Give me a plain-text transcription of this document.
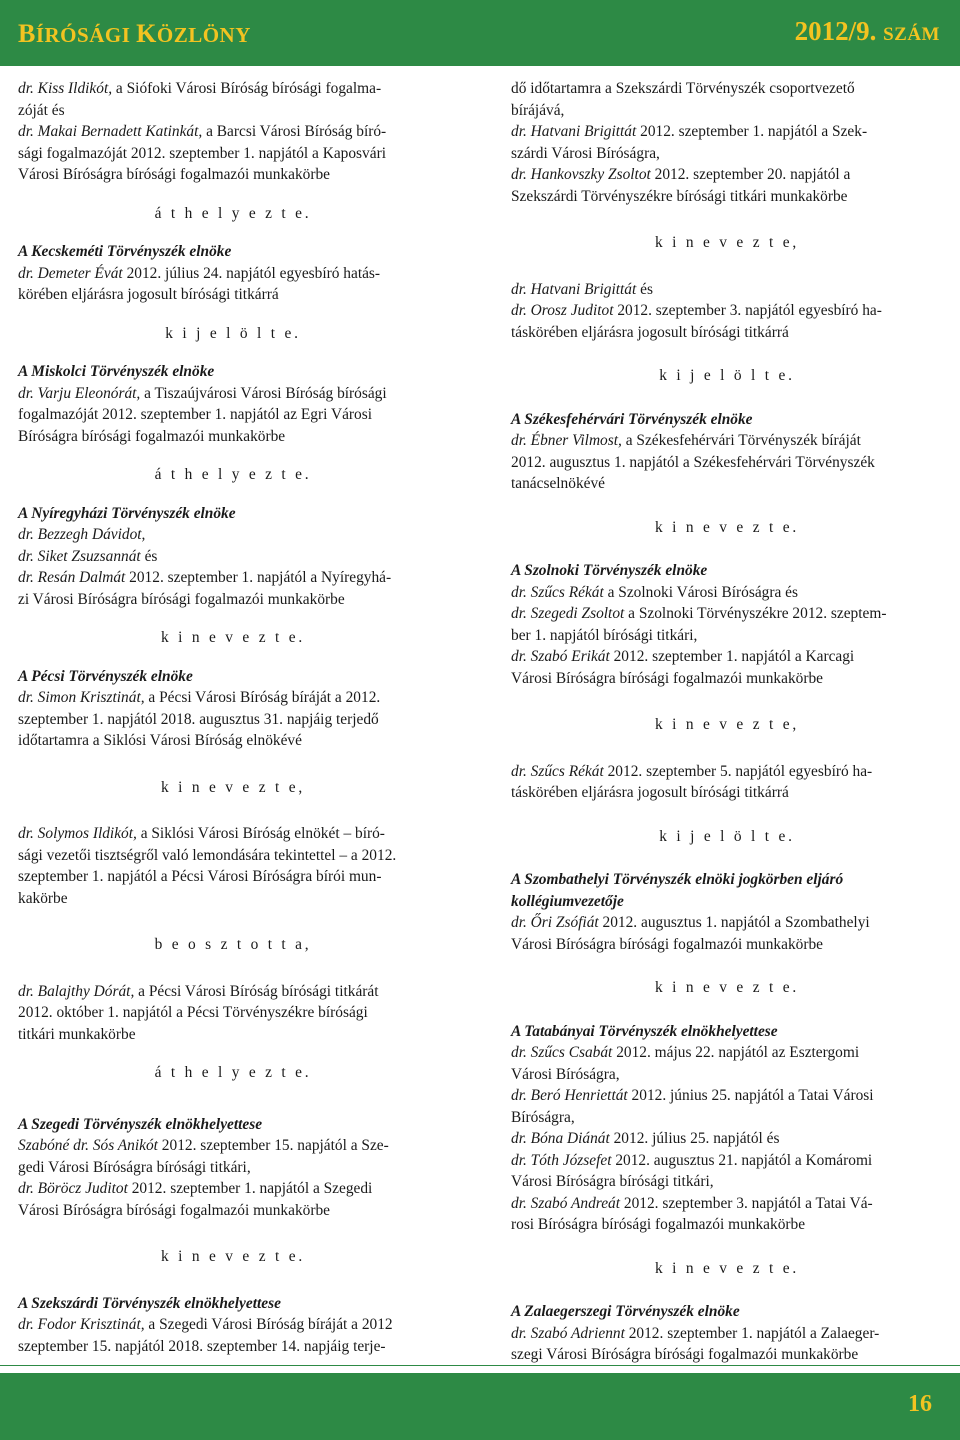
BÍRÓSÁGI KÖZLÖNY	2012/9. SZÁM

dr. Kiss Ildikót, a Siófoki Városi Bíróság bírósági fogalma-
zóját és
dr. Makai Bernadett Katinkát, a Barcsi Városi Bíróság bíró-
sági fogalmazóját 2012. szeptember 1. napjától a Kaposvári
Városi Bíróságra bírósági fogalmazói munkakörbe

á t h e l y e z t e.
A Kecskeméti Törvényszék elnöke

dr. Demeter Évát 2012. július 24. napjától egyesbíró hatás-
körében eljárásra jogosult bírósági titkárrá

k i j e l ö l t e.
A Miskolci Törvényszék elnöke

dr. Varju Eleonórát, a Tiszaújvárosi Városi Bíróság bírósági
fogalmazóját 2012. szeptember 1. napjától az Egri Városi
Bíróságra bírósági fogalmazói munkakörbe

á t h e l y e z t e.
A Nyíregyházi Törvényszék elnöke

dr. Bezzegh Dávidot,
dr. Siket Zsuzsannát és
dr. Resán Dalmát 2012. szeptember 1. napjától a Nyíregyhá-
zi Városi Bíróságra bírósági fogalmazói munkakörbe

k i n e v e z t e.
A Pécsi Törvényszék elnöke

dr. Simon Krisztinát, a Pécsi Városi Bíróság bíráját a 2012.
szeptember 1. napjától 2018. augusztus 31. napjáig terjedő
időtartamra a Siklósi Városi Bíróság elnökévé

k i n e v e z t e,

dr. Solymos Ildikót, a Siklósi Városi Bíróság elnökét – bíró-
sági vezetői tisztségről való lemondására tekintettel – a 2012.
szeptember 1. napjától a Pécsi Városi Bíróságra bírói mun-
kakörbe

b e o s z t o t t a,

dr. Balajthy Dórát, a Pécsi Városi Bíróság bírósági titkárát
2012. október 1. napjától a Pécsi Törvényszékre bírósági
titkári munkakörbe

á t h e l y e z t e.
A Szegedi Törvényszék elnökhelyettese

Szabóné dr. Sós Anikót 2012. szeptember 15. napjától a Sze-
gedi Városi Bíróságra bírósági titkári,
dr. Böröcz Juditot 2012. szeptember 1. napjától a Szegedi
Városi Bíróságra bírósági fogalmazói munkakörbe

k i n e v e z t e.
A Szekszárdi Törvényszék elnökhelyettese

dr. Fodor Krisztinát, a Szegedi Városi Bíróság bíráját a 2012
szeptember 15. napjától 2018. szeptember 14. napjáig terje-

dő időtartamra a Szekszárdi Törvényszék csoportvezető
bírájává,
dr. Hatvani Brigittát 2012. szeptember 1. napjától a Szek-
szárdi Városi Bíróságra,
dr. Hankovszky Zsoltot 2012. szeptember 20. napjától a
Szekszárdi Törvényszékre bírósági titkári munkakörbe

k i n e v e z t e,

dr. Hatvani Brigittát és
dr. Orosz Juditot 2012. szeptember 3. napjától egyesbíró ha-
táskörében eljárásra jogosult bírósági titkárrá

k i j e l ö l t e.
A Székesfehérvári Törvényszék elnöke

dr. Ébner Vilmost, a Székesfehérvári Törvényszék bíráját
2012. augusztus 1. napjától a Székesfehérvári Törvényszék
tanácselnökévé

k i n e v e z t e.
A Szolnoki Törvényszék elnöke

dr. Szűcs Rékát a Szolnoki Városi Bíróságra és
dr. Szegedi Zsoltot a Szolnoki Törvényszékre 2012. szeptem-
ber 1. napjától bírósági titkári,
dr. Szabó Erikát 2012. szeptember 1. napjától a Karcagi
Városi Bíróságra bírósági fogalmazói munkakörbe

k i n e v e z t e,

dr. Szűcs Rékát 2012. szeptember 5. napjától egyesbíró ha-
táskörében eljárásra jogosult bírósági titkárrá

k i j e l ö l t e.
A Szombathelyi Törvényszék elnöki jogkörben eljáró
kollégiumvezetője

dr. Őri Zsófiát 2012. augusztus 1. napjától a Szombathelyi
Városi Bíróságra bírósági fogalmazói munkakörbe

k i n e v e z t e.
A Tatabányai Törvényszék elnökhelyettese

dr. Szűcs Csabát 2012. május 22. napjától az Esztergomi
Városi Bíróságra,
dr. Beró Henriettát 2012. június 25. napjától a Tatai Városi
Bíróságra,
dr. Bóna Diánát 2012. július 25. napjától és
dr. Tóth Józsefet 2012. augusztus 21. napjától a Komáromi
Városi Bíróságra bírósági titkári,
dr. Szabó Andreát 2012. szeptember 3. napjától a Tatai Vá-
rosi Bíróságra bírósági fogalmazói munkakörbe

k i n e v e z t e.
A Zalaegerszegi Törvényszék elnöke

dr. Szabó Adriennt 2012. szeptember 1. napjától a Zalaeger-
szegi Városi Bíróságra bírósági fogalmazói munkakörbe

16
